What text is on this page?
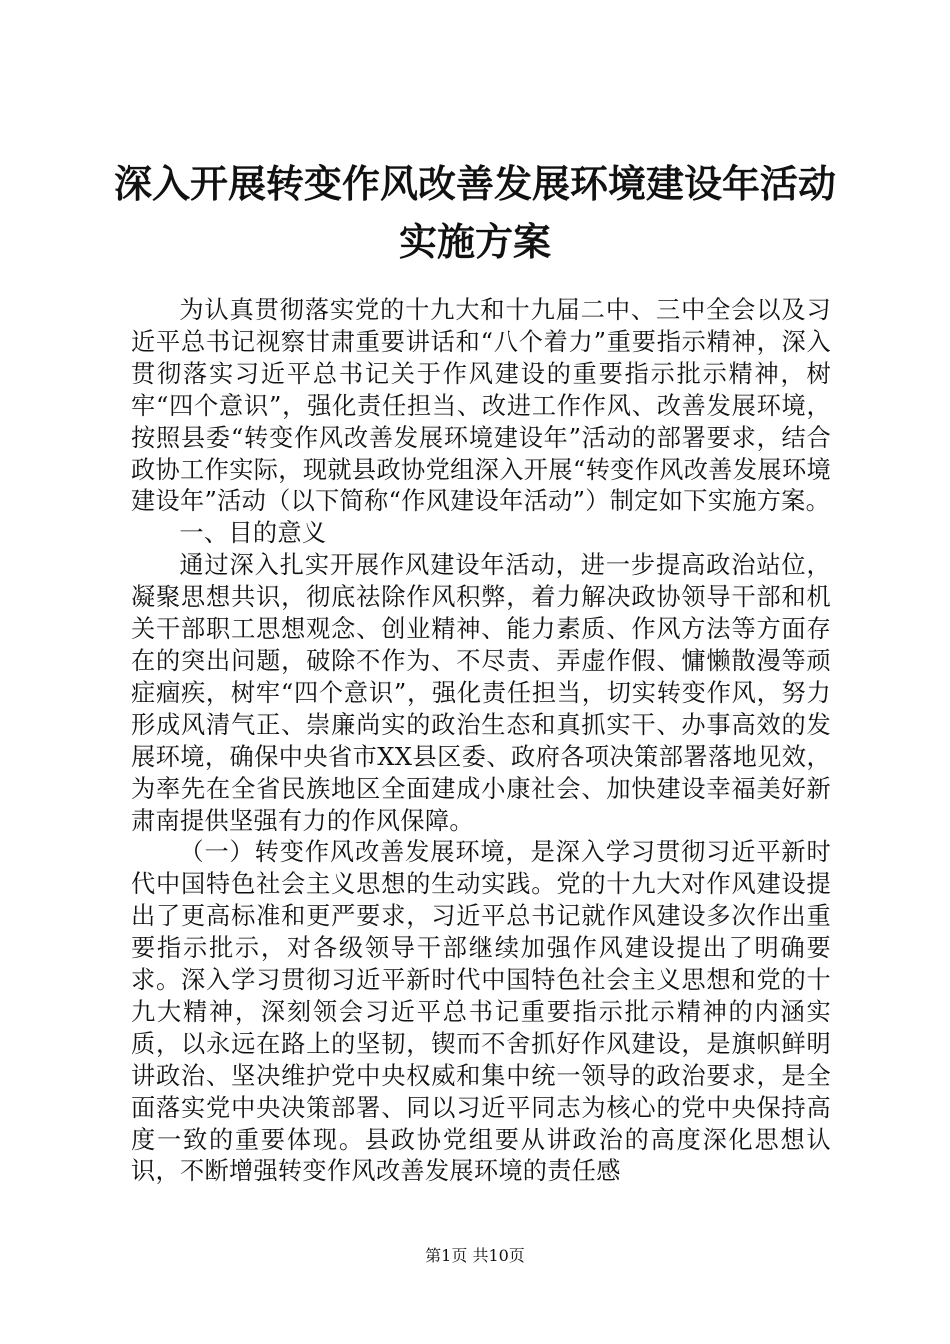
深入开展转变作风改善发展环境建设年活动实施方案

为认真贯彻落实党的十九大和十九届二中、三中全会以及习近平总书记视察甘肃重要讲话和“八个着力”重要指示精神，深入贯彻落实习近平总书记关于作风建设的重要指示批示精神，树牢“四个意识”，强化责任担当、改进工作作风、改善发展环境，按照县委“转变作风改善发展环境建设年”活动的部署要求，结合政协工作实际，现就县政协党组深入开展“转变作风改善发展环境建设年”活动（以下简称“作风建设年活动”）制定如下实施方案。

一、目的意义

通过深入扎实开展作风建设年活动，进一步提高政治站位，凝聚思想共识，彻底祛除作风积弊，着力解决政协领导干部和机关干部职工思想观念、创业精神、能力素质、作风方法等方面存在的突出问题，破除不作为、不尽责、弄虚作假、慵懒散漫等顽症痼疾，树牢“四个意识”，强化责任担当，切实转变作风，努力形成风清气正、崇廉尚实的政治生态和真抓实干、办事高效的发展环境，确保中央省市XX县区委、政府各项决策部署落地见效，为率先在全省民族地区全面建成小康社会、加快建设幸福美好新肃南提供坚强有力的作风保障。

（一）转变作风改善发展环境，是深入学习贯彻习近平新时代中国特色社会主义思想的生动实践。党的十九大对作风建设提出了更高标准和更严要求，习近平总书记就作风建设多次作出重要指示批示，对各级领导干部继续加强作风建设提出了明确要求。深入学习贯彻习近平新时代中国特色社会主义思想和党的十九大精神，深刻领会习近平总书记重要指示批示精神的内涵实质，以永远在路上的坚韧，锲而不舍抓好作风建设，是旗帜鲜明讲政治、坚决维护党中央权威和集中统一领导的政治要求，是全面落实党中央决策部署、同以习近平同志为核心的党中央保持高度一致的重要体现。县政协党组要从讲政治的高度深化思想认识，不断增强转变作风改善发展环境的责任感

第1页 共10页
